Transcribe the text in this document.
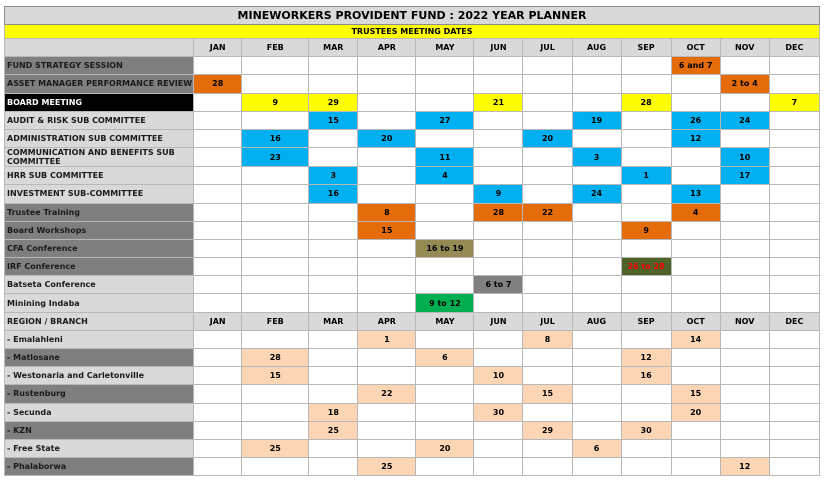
MINEWORKERS PROVIDENT FUND : 2022 YEAR PLANNER												
TRUSTEES MEETING DATES												
	JAN	FEB	MAR	APR	MAY	JUN	JUL	AUG	SEP	OCT	NOV	DEC
FUND STRATEGY SESSION										6 and 7		
ASSET MANAGER PERFORMANCE REVIEW	28										2 to 4	
BOARD MEETING		9	29			21			28			7
AUDIT & RISK SUB COMMITTEE			15		27			19		26	24	
ADMINISTRATION SUB COMMITTEE		16		20			20			12		
COMMUNICATION AND BENEFITS SUB COMMITTEE		23			11			3			10	
HRR SUB COMMITTEE			3		4				1		17	
INVESTMENT SUB-COMMITTEE			16			9		24		13		
Trustee Training				8		28	22			4		
Board Workshops				15					9			
CFA Conference					16 to 19							
IRF Conference									26 to 28			
Batseta Conference						6 to 7						
Minining Indaba					9 to 12							
REGION / BRANCH	JAN	FEB	MAR	APR	MAY	JUN	JUL	AUG	SEP	OCT	NOV	DEC
- Emalahleni				1			8			14		
- Matlosane		28			6				12			
- Westonaria and Carletonville		15				10			16			
- Rustenburg				22			15			15		
- Secunda			18			30				20		
- KZN			25				29		30			
- Free State		25			20			6				
- Phalaborwa				25							12	
